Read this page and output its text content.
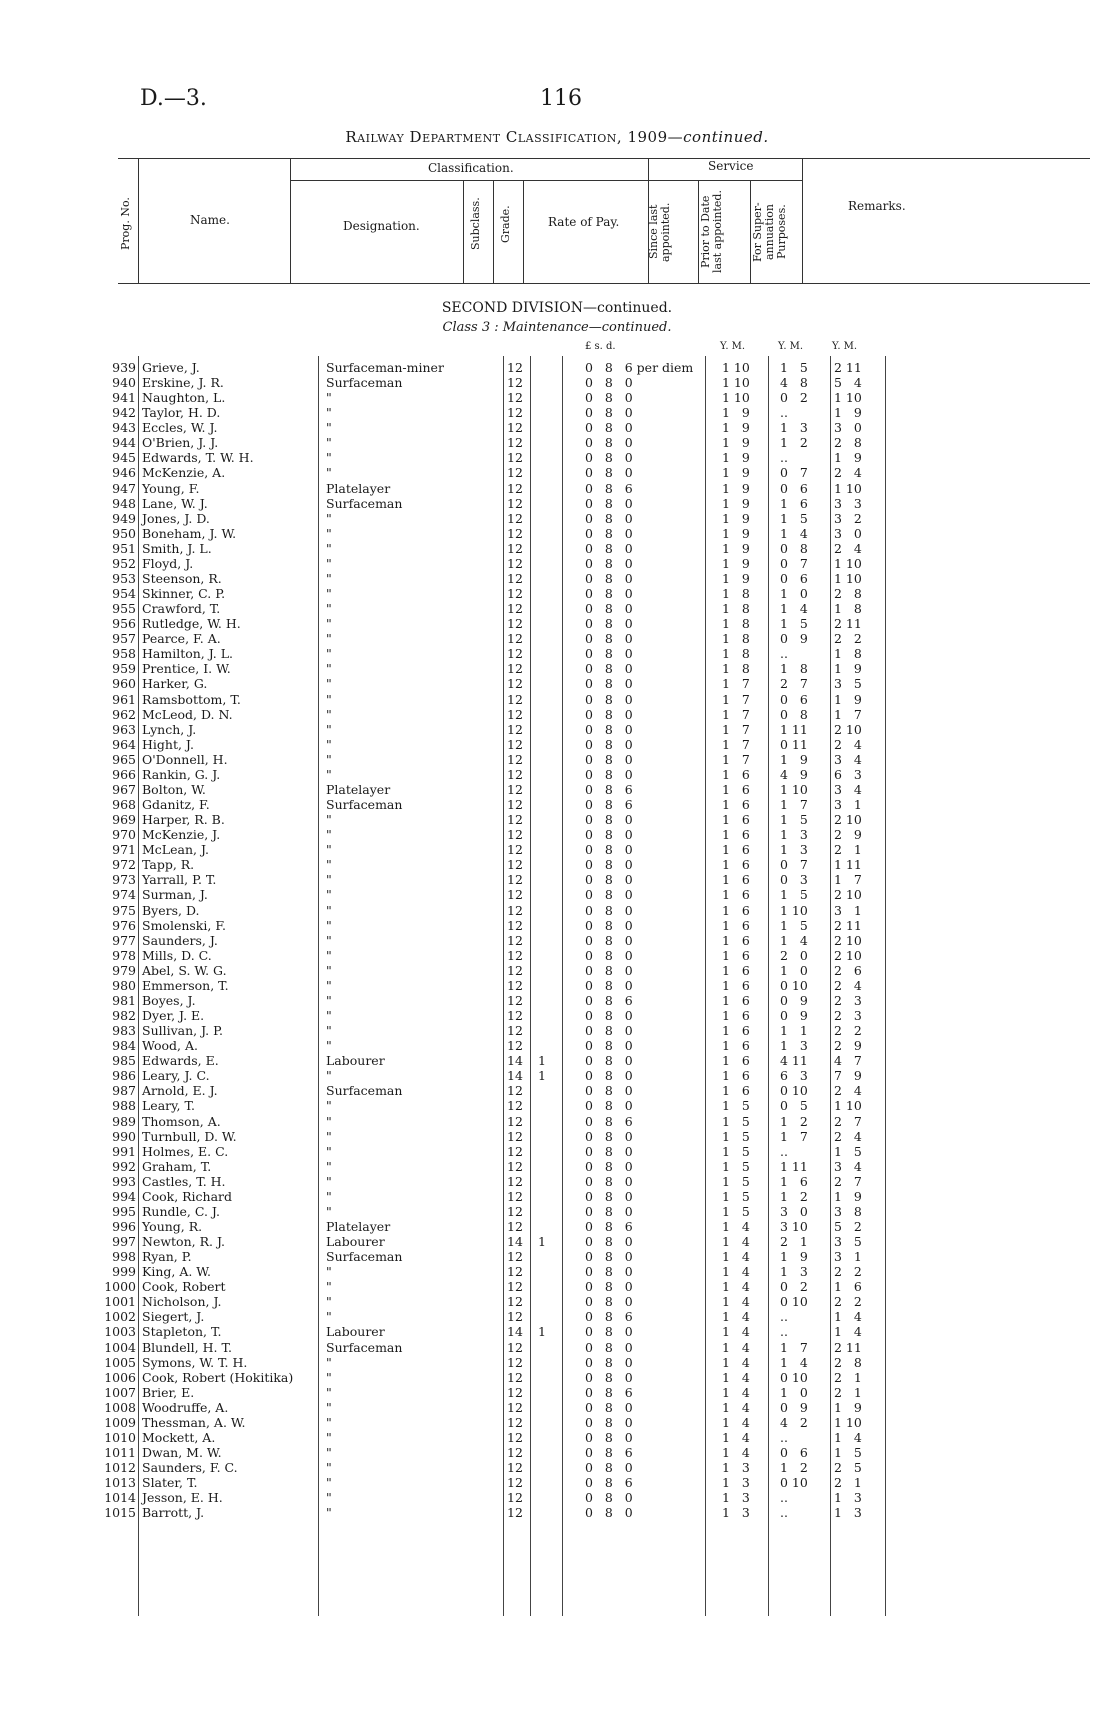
D.—3.	116
Railway Department Classification, 1909—continued.
Prog. No.	Name.
Classification.
Designation.	Subclass. Grade.	Rate of Pay.
Service
Since last appointed.	Prior to Date last appointed.	For Super-annuation Purposes.	Remarks.
SECOND DIVISION—continued.
Class 3 : Maintenance—continued.
£ s. d.	Y. M.	Y. M.	Y. M.
939 Grieve, J.	Surfaceman-miner	12	0   8   6 per diem	1 10	1   5	2 11
940 Erskine, J. R.	Surfaceman	12	0   8   0	1 10	4   8	5   4
941 Naughton, L.	"	12	0   8   0	1 10	0   2	1 10
942 Taylor, H. D.	"	12	0   8   0	1   9	..	1   9
943 Eccles, W. J.	"	12	0   8   0	1   9	1   3	3   0
944 O'Brien, J. J.	"	12	0   8   0	1   9	1   2	2   8
945 Edwards, T. W. H.	"	12	0   8   0	1   9	..	1   9
946 McKenzie, A.	"	12	0   8   0	1   9	0   7	2   4
947 Young, F.	Platelayer	12	0   8   6	1   9	0   6	1 10
948 Lane, W. J.	Surfaceman	12	0   8   0	1   9	1   6	3   3
949 Jones, J. D.	"	12	0   8   0	1   9	1   5	3   2
950 Boneham, J. W.	"	12	0   8   0	1   9	1   4	3   0
951 Smith, J. L.	"	12	0   8   0	1   9	0   8	2   4
952 Floyd, J.	"	12	0   8   0	1   9	0   7	1 10
953 Steenson, R.	"	12	0   8   0	1   9	0   6	1 10
954 Skinner, C. P.	"	12	0   8   0	1   8	1   0	2   8
955 Crawford, T.	"	12	0   8   0	1   8	1   4	1   8
956 Rutledge, W. H.	"	12	0   8   0	1   8	1   5	2 11
957 Pearce, F. A.	"	12	0   8   0	1   8	0   9	2   2
958 Hamilton, J. L.	"	12	0   8   0	1   8	..	1   8
959 Prentice, I. W.	"	12	0   8   0	1   8	1   8	1   9
960 Harker, G.	"	12	0   8   0	1   7	2   7	3   5
961 Ramsbottom, T.	"	12	0   8   0	1   7	0   6	1   9
962 McLeod, D. N.	"	12	0   8   0	1   7	0   8	1   7
963 Lynch, J.	"	12	0   8   0	1   7	1 11	2 10
964 Hight, J.	"	12	0   8   0	1   7	0 11	2   4
965 O'Donnell, H.	"	12	0   8   0	1   7	1   9	3   4
966 Rankin, G. J.	"	12	0   8   0	1   6	4   9	6   3
967 Bolton, W.	Platelayer	12	0   8   6	1   6	1 10	3   4
968 Gdanitz, F.	Surfaceman	12	0   8   6	1   6	1   7	3   1
969 Harper, R. B.	"	12	0   8   0	1   6	1   5	2 10
970 McKenzie, J.	"	12	0   8   0	1   6	1   3	2   9
971 McLean, J.	"	12	0   8   0	1   6	1   3	2   1
972 Tapp, R.	"	12	0   8   0	1   6	0   7	1 11
973 Yarrall, P. T.	"	12	0   8   0	1   6	0   3	1   7
974 Surman, J.	"	12	0   8   0	1   6	1   5	2 10
975 Byers, D.	"	12	0   8   0	1   6	1 10	3   1
976 Smolenski, F.	"	12	0   8   0	1   6	1   5	2 11
977 Saunders, J.	"	12	0   8   0	1   6	1   4	2 10
978 Mills, D. C.	"	12	0   8   0	1   6	2   0	2 10
979 Abel, S. W. G.	"	12	0   8   0	1   6	1   0	2   6
980 Emmerson, T.	"	12	0   8   0	1   6	0 10	2   4
981 Boyes, J.	"	12	0   8   6	1   6	0   9	2   3
982 Dyer, J. E.	"	12	0   8   0	1   6	0   9	2   3
983 Sullivan, J. P.	"	12	0   8   0	1   6	1   1	2   2
984 Wood, A.	"	12	0   8   0	1   6	1   3	2   9
985 Edwards, E.	Labourer	14	1	0   8   0	1   6	4 11	4   7
986 Leary, J. C.	"	14	1	0   8   0	1   6	6   3	7   9
987 Arnold, E. J.	Surfaceman	12	0   8   0	1   6	0 10	2   4
988 Leary, T.	"	12	0   8   0	1   5	0   5	1 10
989 Thomson, A.	"	12	0   8   6	1   5	1   2	2   7
990 Turnbull, D. W.	"	12	0   8   0	1   5	1   7	2   4
991 Holmes, E. C.	"	12	0   8   0	1   5	..	1   5
992 Graham, T.	"	12	0   8   0	1   5	1 11	3   4
993 Castles, T. H.	"	12	0   8   0	1   5	1   6	2   7
994 Cook, Richard	"	12	0   8   0	1   5	1   2	1   9
995 Rundle, C. J.	"	12	0   8   0	1   5	3   0	3   8
996 Young, R.	Platelayer	12	0   8   6	1   4	3 10	5   2
997 Newton, R. J.	Labourer	14	1	0   8   0	1   4	2   1	3   5
998 Ryan, P.	Surfaceman	12	0   8   0	1   4	1   9	3   1
999 King, A. W.	"	12	0   8   0	1   4	1   3	2   2
1000 Cook, Robert	"	12	0   8   0	1   4	0   2	1   6
1001 Nicholson, J.	"	12	0   8   0	1   4	0 10	2   2
1002 Siegert, J.	"	12	0   8   6	1   4	..	1   4
1003 Stapleton, T.	Labourer	14	1	0   8   0	1   4	..	1   4
1004 Blundell, H. T.	Surfaceman	12	0   8   0	1   4	1   7	2 11
1005 Symons, W. T. H.	"	12	0   8   0	1   4	1   4	2   8
1006 Cook, Robert (Hokitika)	"	12	0   8   0	1   4	0 10	2   1
1007 Brier, E.	"	12	0   8   6	1   4	1   0	2   1
1008 Woodruffe, A.	"	12	0   8   0	1   4	0   9	1   9
1009 Thessman, A. W.	"	12	0   8   0	1   4	4   2	1 10
1010 Mockett, A.	"	12	0   8   0	1   4	..	1   4
1011 Dwan, M. W.	"	12	0   8   6	1   4	0   6	1   5
1012 Saunders, F. C.	"	12	0   8   0	1   3	1   2	2   5
1013 Slater, T.	"	12	0   8   6	1   3	0 10	2   1
1014 Jesson, E. H.	"	12	0   8   0	1   3	..	1   3
1015 Barrott, J.	"	12	0   8   0	1   3	..	1   3
